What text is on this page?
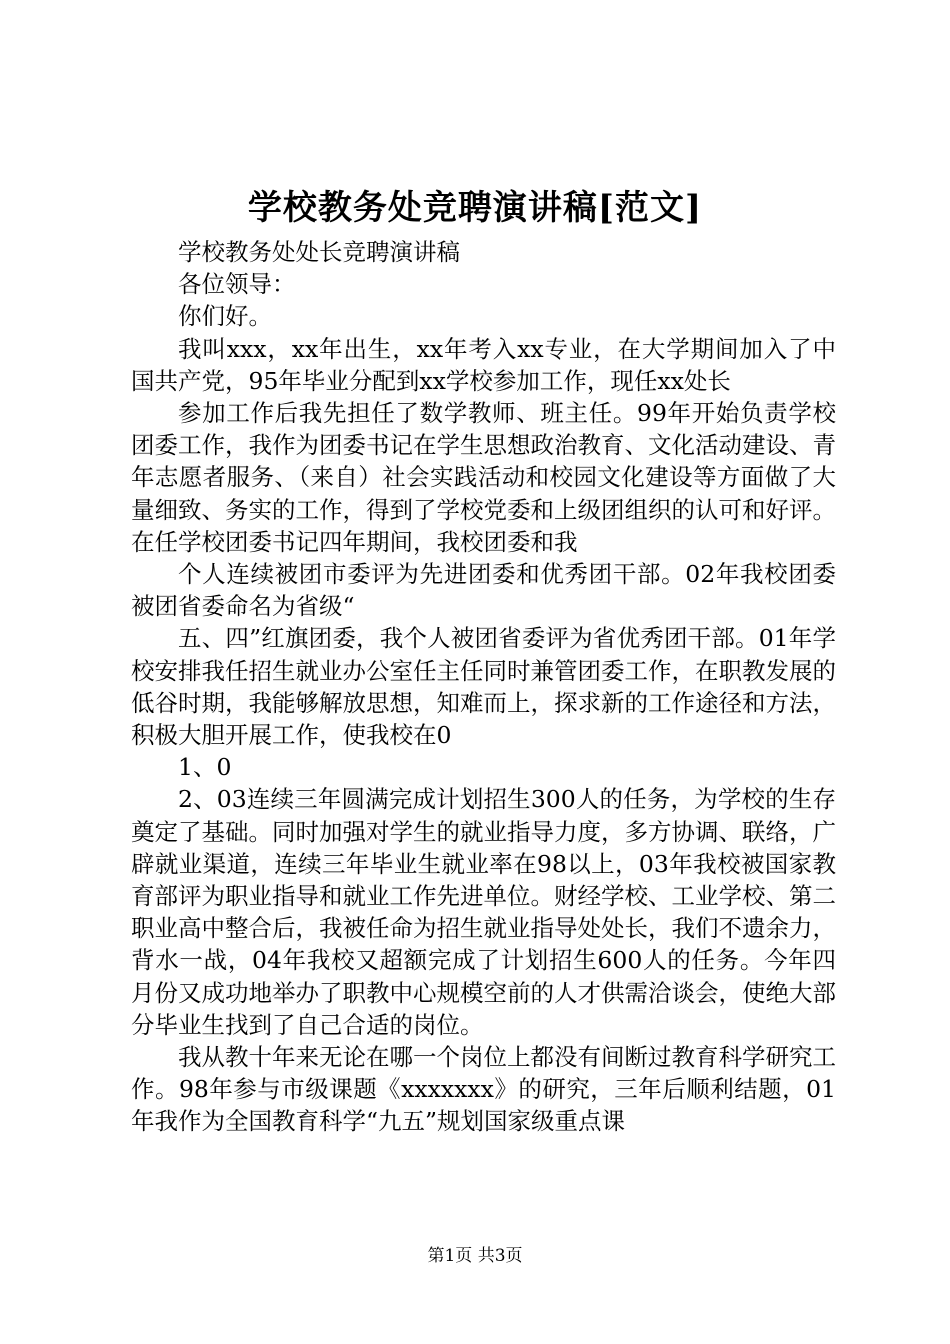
学校教务处竞聘演讲稿[范文]

学校教务处处长竞聘演讲稿

各位领导：

你们好。

我叫xxx，xx年出生，xx年考入xx专业，在大学期间加入了中国共产党，95年毕业分配到xx学校参加工作，现任xx处长

参加工作后我先担任了数学教师、班主任。99年开始负责学校团委工作，我作为团委书记在学生思想政治教育、文化活动建设、青年志愿者服务、（来自）社会实践活动和校园文化建设等方面做了大量细致、务实的工作，得到了学校党委和上级团组织的认可和好评。在任学校团委书记四年期间，我校团委和我

个人连续被团市委评为先进团委和优秀团干部。02年我校团委被团省委命名为省级“

五、四”红旗团委，我个人被团省委评为省优秀团干部。01年学校安排我任招生就业办公室任主任同时兼管团委工作，在职教发展的低谷时期，我能够解放思想，知难而上，探求新的工作途径和方法，积极大胆开展工作，使我校在0

1、0

2、03连续三年圆满完成计划招生300人的任务，为学校的生存奠定了基础。同时加强对学生的就业指导力度，多方协调、联络，广辟就业渠道，连续三年毕业生就业率在98以上，03年我校被国家教育部评为职业指导和就业工作先进单位。财经学校、工业学校、第二职业高中整合后，我被任命为招生就业指导处处长，我们不遗余力，背水一战，04年我校又超额完成了计划招生600人的任务。今年四月份又成功地举办了职教中心规模空前的人才供需洽谈会，使绝大部分毕业生找到了自己合适的岗位。

我从教十年来无论在哪一个岗位上都没有间断过教育科学研究工作。98年参与市级课题《xxxxxxx》的研究，三年后顺利结题，01年我作为全国教育科学“九五”规划国家级重点课

第1页 共3页
